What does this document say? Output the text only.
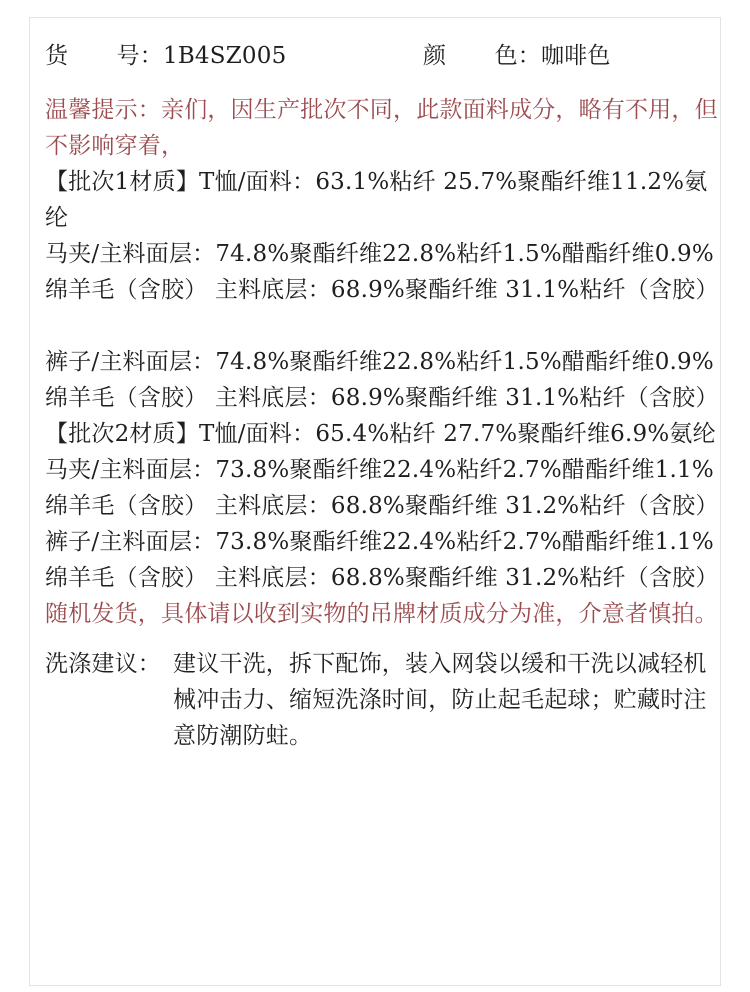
货 号： 1B4SZ005	颜 色： 咖啡色

温馨提示：亲们，因生产批次不同，此款面料成分，略有不用，但不影响穿着，

【批次1材质】T恤/面料：63.1%粘纤 25.7%聚酯纤维11.2%氨纶

马夹/主料面层：74.8%聚酯纤维22.8%粘纤1.5%醋酯纤维0.9%绵羊毛（含胶） 主料底层：68.9%聚酯纤维 31.1%粘纤（含胶）

裤子/主料面层：74.8%聚酯纤维22.8%粘纤1.5%醋酯纤维0.9%绵羊毛（含胶） 主料底层：68.9%聚酯纤维 31.1%粘纤（含胶）

【批次2材质】T恤/面料：65.4%粘纤 27.7%聚酯纤维6.9%氨纶

马夹/主料面层：73.8%聚酯纤维22.4%粘纤2.7%醋酯纤维1.1%绵羊毛（含胶） 主料底层：68.8%聚酯纤维 31.2%粘纤（含胶）

裤子/主料面层：73.8%聚酯纤维22.4%粘纤2.7%醋酯纤维1.1%绵羊毛（含胶） 主料底层：68.8%聚酯纤维 31.2%粘纤（含胶）

随机发货，具体请以收到实物的吊牌材质成分为准，介意者慎拍。

洗涤建议： 建议干洗，拆下配饰，装入网袋以缓和干洗以减轻机械冲击力、缩短洗涤时间，防止起毛起球；贮藏时注意防潮防蛀。
